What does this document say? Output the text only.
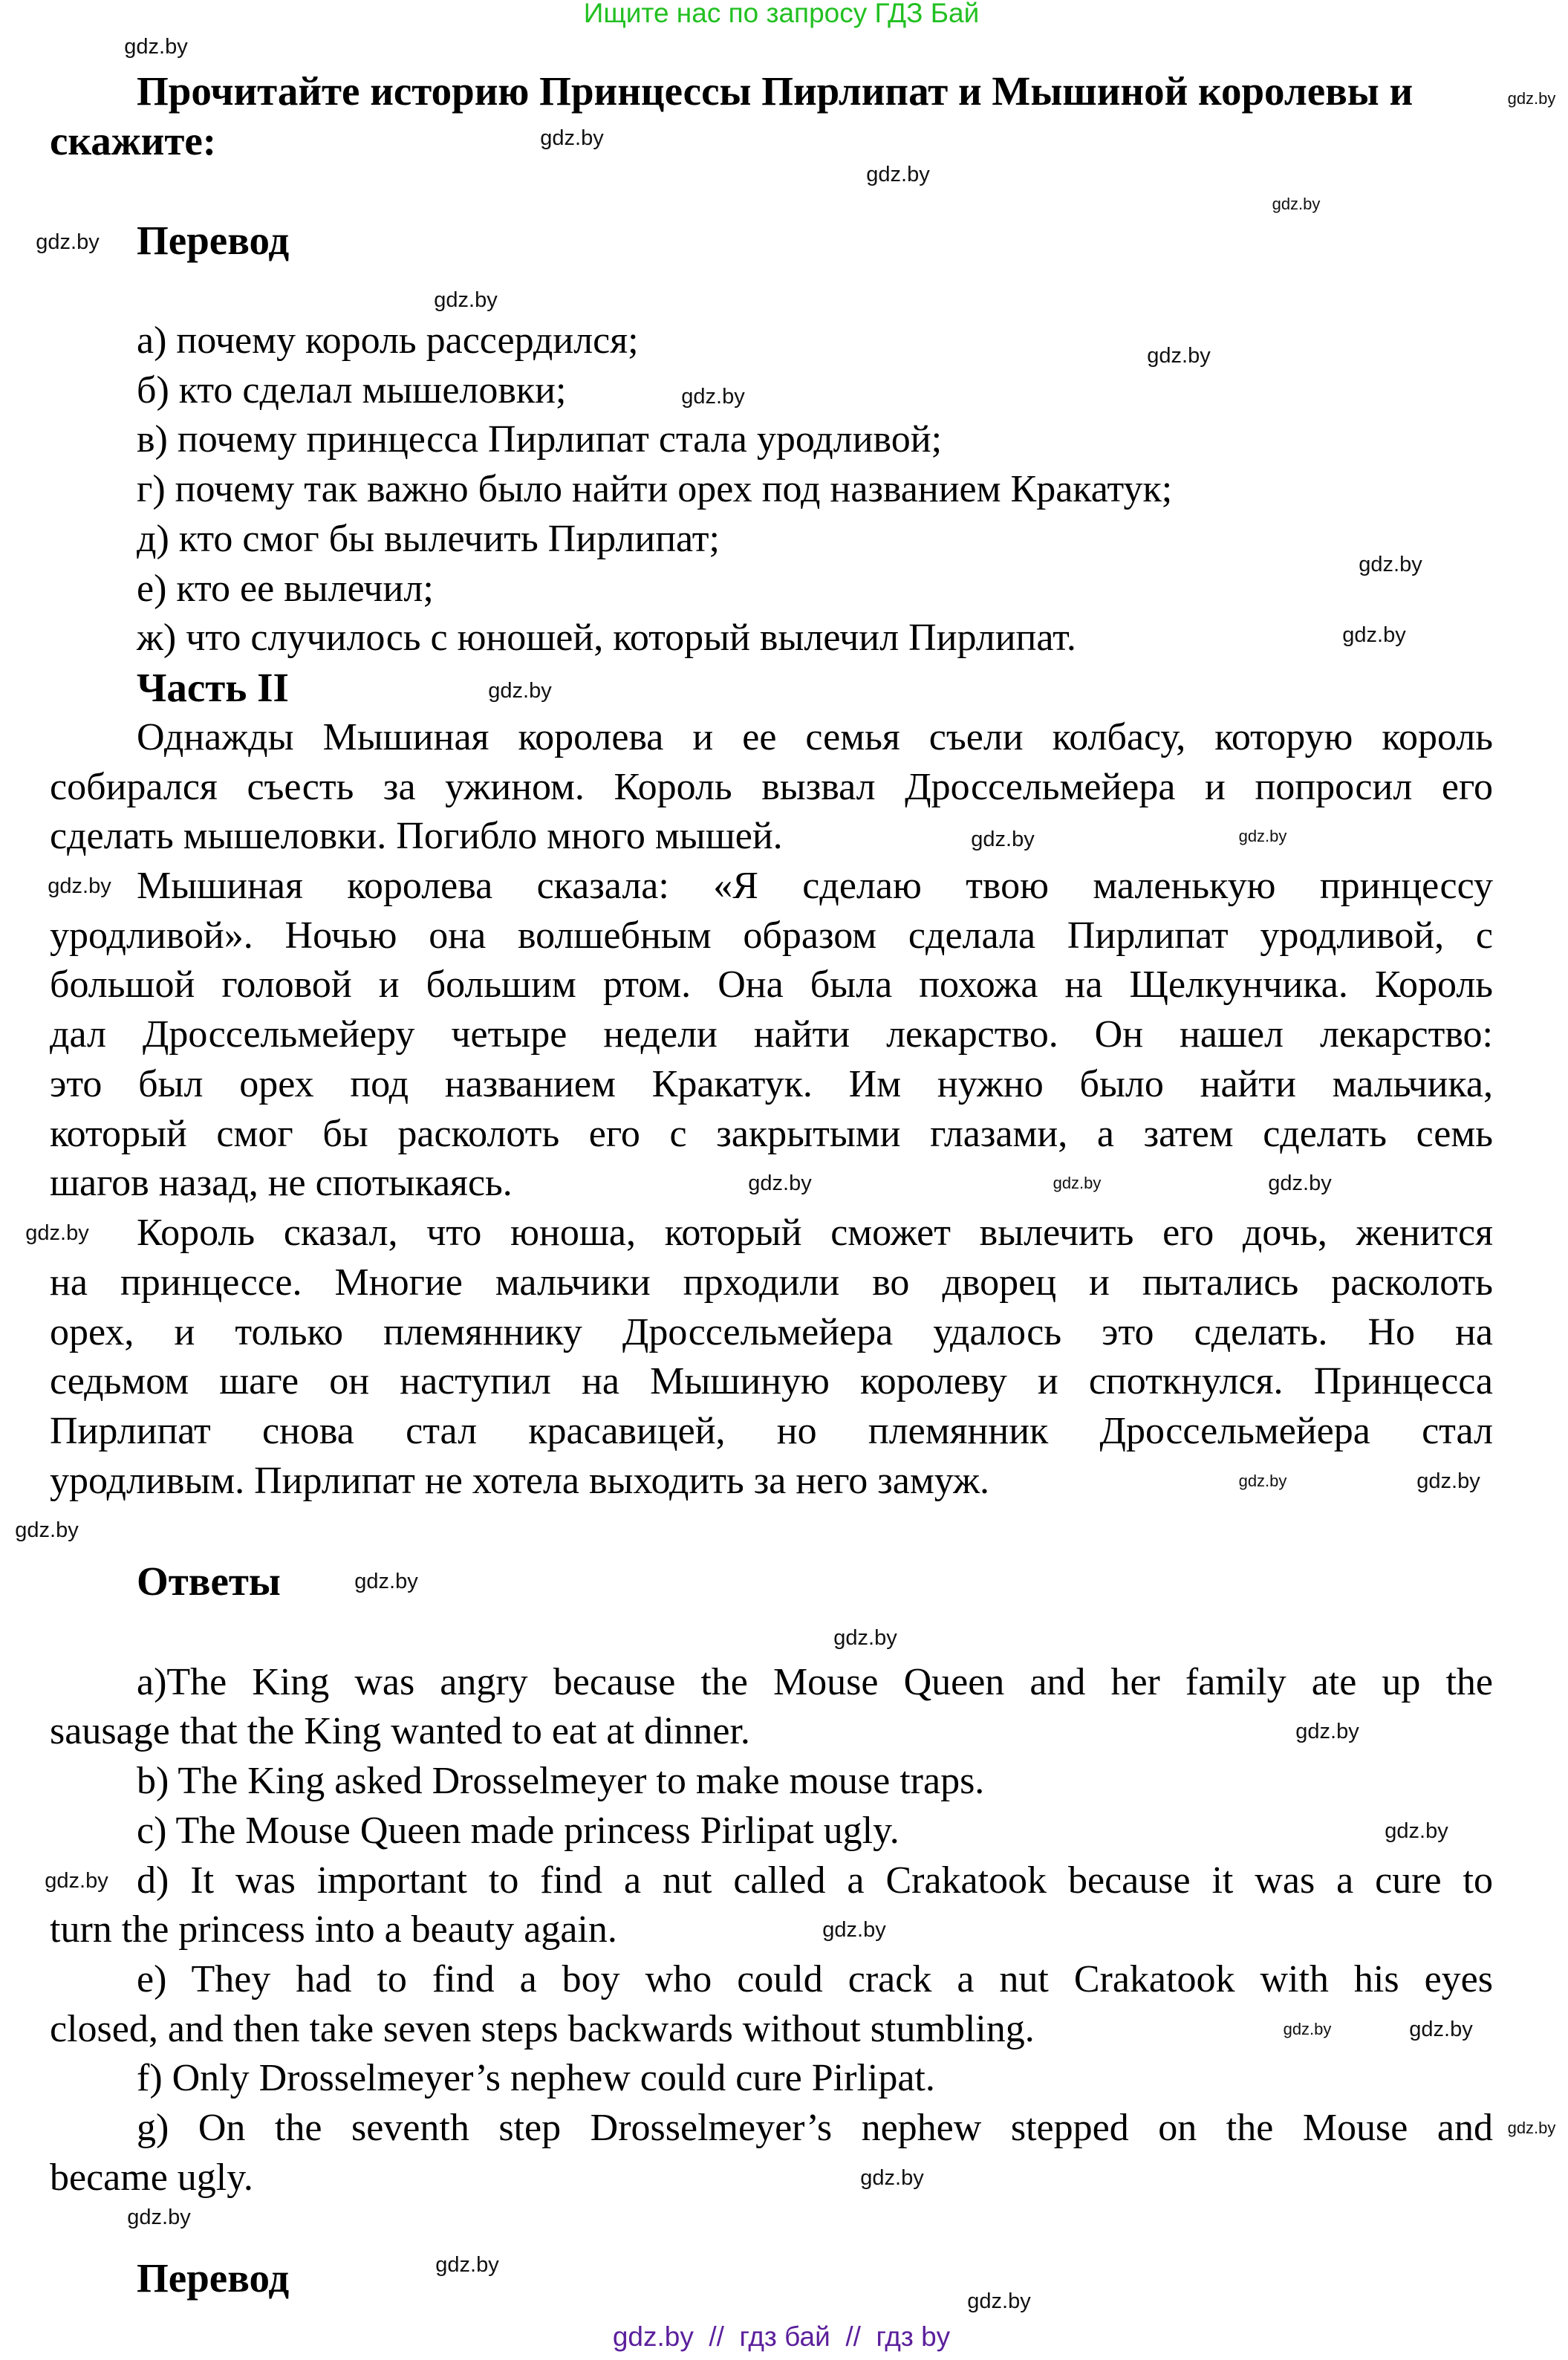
Ищите нас по запросу ГДЗ Бай
Прочитайте историю Принцессы Пирлипат и Мышиной королевы и
скажите:
Перевод
а) почему король рассердился;
б) кто сделал мышеловки;
в) почему принцесса Пирлипат стала уродливой;
г) почему так важно было найти орех под названием Кракатук;
д) кто смог бы вылечить Пирлипат;
е) кто ее вылечил;
ж) что случилось с юношей, который вылечил Пирлипат.
Часть II
Однажды Мышиная королева и ее семья съели колбасу, которую король
собирался съесть за ужином. Король вызвал Дроссельмейера и попросил его
сделать мышеловки. Погибло много мышей.
Мышиная королева сказала: «Я сделаю твою маленькую принцессу
уродливой». Ночью она волшебным образом сделала Пирлипат уродливой, с
большой головой и большим ртом. Она была похожа на Щелкунчика. Король
дал Дроссельмейеру четыре недели найти лекарство. Он нашел лекарство:
это был орех под названием Кракатук. Им нужно было найти мальчика,
который смог бы расколоть его с закрытыми глазами, а затем сделать семь
шагов назад, не спотыкаясь.
Король сказал, что юноша, который сможет вылечить его дочь, женится
на принцессе. Многие мальчики прходили во дворец и пытались расколоть
орех, и только племяннику Дроссельмейера удалось это сделать. Но на
седьмом шаге он наступил на Мышиную королеву и споткнулся. Принцесса
Пирлипат снова стал красавицей, но племянник Дроссельмейера стал
уродливым. Пирлипат не хотела выходить за него замуж.
Ответы
a)The King was angry because the Mouse Queen and her family ate up the
sausage that the King wanted to eat at dinner.
b) The King asked Drosselmeyer to make mouse traps.
c) The Mouse Queen made princess Pirlipat ugly.
d) It was important to find a nut called a Crakatook because it was a cure to
turn the princess into a beauty again.
e) They had to find a boy who could crack a nut Crakatook with his eyes
closed, and then take seven steps backwards without stumbling.
f) Only Drosselmeyer’s nephew could cure Pirlipat.
g) On the seventh step Drosselmeyer’s nephew stepped on the Mouse and
became ugly.
Перевод
gdz.by
gdz.by
gdz.by
gdz.by
gdz.by
gdz.by
gdz.by
gdz.by
gdz.by
gdz.by
gdz.by
gdz.by
gdz.by
gdz.by
gdz.by
gdz.by
gdz.by
gdz.by
gdz.by
gdz.by	gdz.by
gdz.by
gdz.by
gdz.by
gdz.by
gdz.by
gdz.by
gdz.by
gdz.by	gdz.by
gdz.by
gdz.by
gdz.by
gdz.by
gdz.by
gdz.by  //  гдз бай  //  гдз by
